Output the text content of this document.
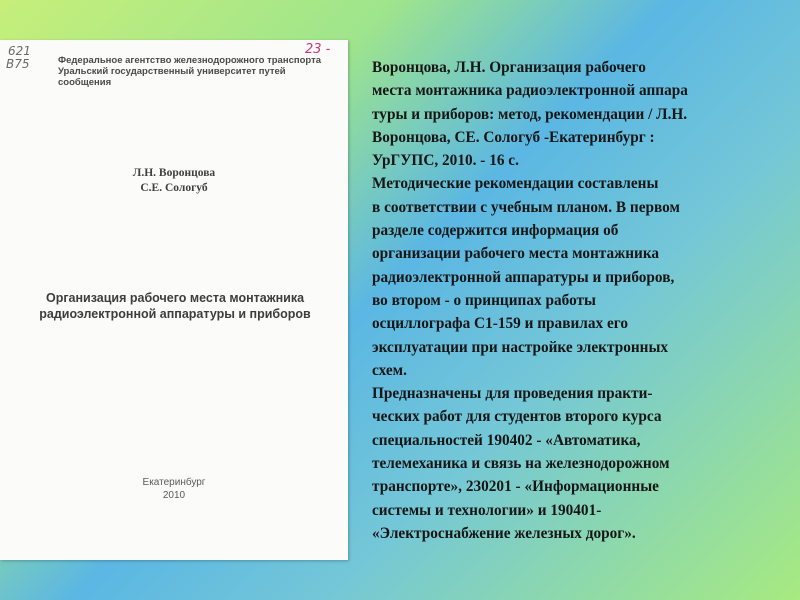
621
B75
23 -
Федеральное агентство железнодорожного транспорта
Уральский государственный университет путей сообщения
Л.Н. Воронцова
С.Е. Сологуб
Организация рабочего места монтажника
радиоэлектронной аппаратуры и приборов
Екатеринбург
2010
Воронцова, Л.Н. Организация рабочего
места монтажника радиоэлектронной аппара
туры и приборов: метод, рекомендации / Л.Н.
Воронцова, СЕ. Сологуб -Екатеринбург :
УрГУПС, 2010. - 16 с.
Методические рекомендации составлены
в соответствии с учебным планом. В первом
разделе содержится информация об
организации рабочего места монтажника
радиоэлектронной аппаратуры и приборов,
во втором - о принципах работы
осциллографа С1-159 и правилах его
эксплуатации при настройке электронных
схем.
Предназначены для проведения практи-
ческих работ для студентов второго курса
специальностей 190402 - «Автоматика,
телемеханика и связь на железнодорожном
транспорте», 230201 - «Информационные
системы и технологии» и 190401-
«Электроснабжение железных дорог».
